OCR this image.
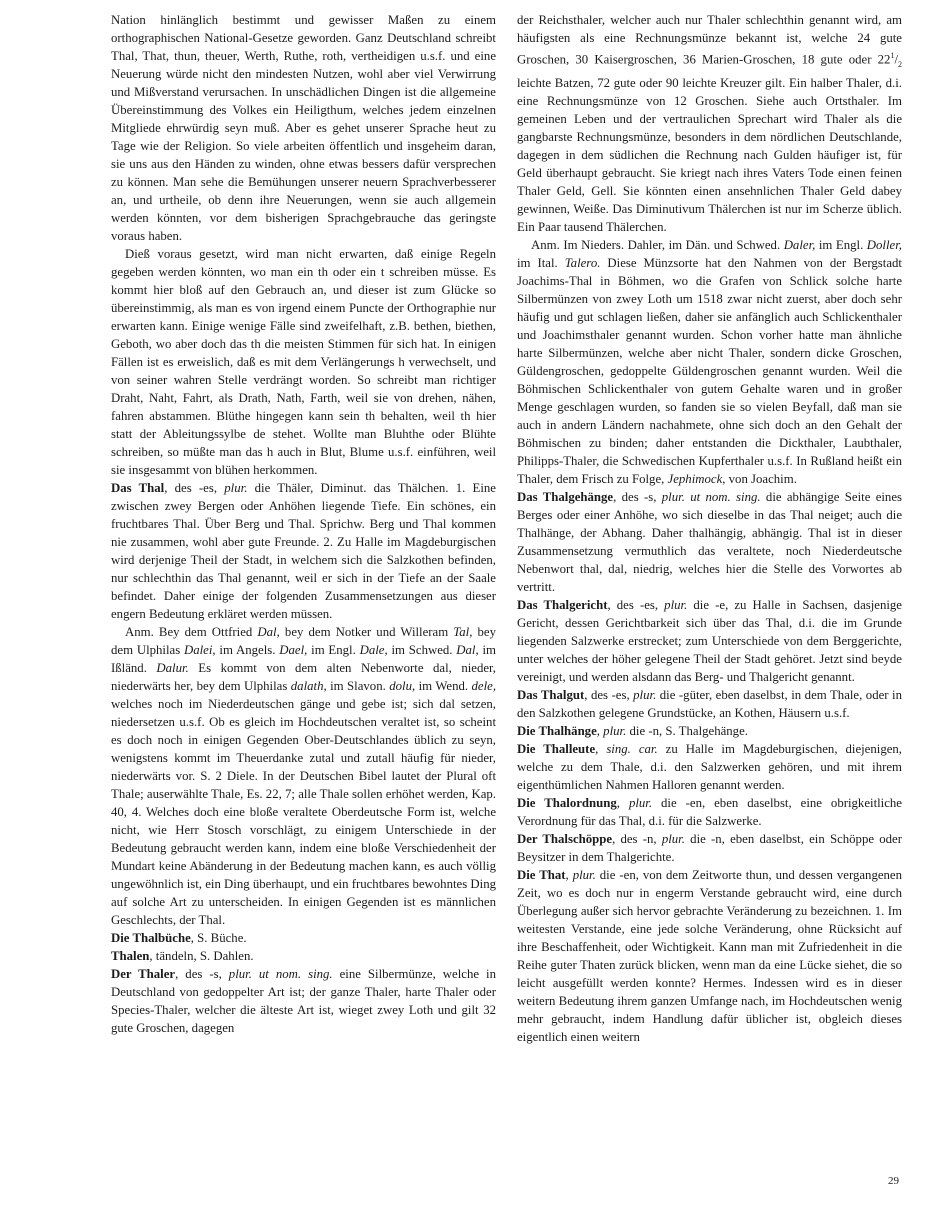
Nation hinlänglich bestimmt und gewisser Maßen zu einem orthographischen National-Gesetze geworden. Ganz Deutschland schreibt Thal, That, thun, theuer, Werth, Ruthe, roth, vertheidigen u.s.f. und eine Neuerung würde nicht den mindesten Nutzen, wohl aber viel Verwirrung und Mißverstand verursachen. In unschädlichen Dingen ist die allgemeine Übereinstimmung des Volkes ein Heiligthum, welches jedem einzelnen Mitgliede ehrwürdig seyn muß. Aber es gehet unserer Sprache heut zu Tage wie der Religion. So viele arbeiten öffentlich und insgeheim daran, sie uns aus den Händen zu winden, ohne etwas bessers dafür versprechen zu können. Man sehe die Bemühungen unserer neuern Sprachverbesserer an, und urtheile, ob denn ihre Neuerungen, wenn sie auch allgemein werden könnten, vor dem bisherigen Sprachgebrauche das geringste voraus haben.

Dieß voraus gesetzt, wird man nicht erwarten, daß einige Regeln gegeben werden könnten, wo man ein th oder ein t schreiben müsse. Es kommt hier bloß auf den Gebrauch an, und dieser ist zum Glücke so übereinstimmig, als man es von irgend einem Puncte der Orthographie nur erwarten kann. Einige wenige Fälle sind zweifelhaft, z.B. bethen, biethen, Geboth, wo aber doch das th die meisten Stimmen für sich hat. In einigen Fällen ist es erweislich, daß es mit dem Verlängerungs h verwechselt, und von seiner wahren Stelle verdrängt worden. So schreibt man richtiger Draht, Naht, Fahrt, als Drath, Nath, Farth, weil sie von drehen, nähen, fahren abstammen. Blüthe hingegen kann sein th behalten, weil th hier statt der Ableitungssylbe de stehet. Wollte man Bluhthe oder Blühte schreiben, so müßte man das h auch in Blut, Blume u.s.f. einführen, weil sie insgesammt von blühen herkommen.

Das Thal, des -es, plur. die Thäler, Diminut. das Thälchen. 1. Eine zwischen zwey Bergen oder Anhöhen liegende Tiefe. Ein schönes, ein fruchtbares Thal. Über Berg und Thal. Sprichw. Berg und Thal kommen nie zusammen, wohl aber gute Freunde. 2. Zu Halle im Magdeburgischen wird derjenige Theil der Stadt, in welchem sich die Salzkothen befinden, nur schlechthin das Thal genannt, weil er sich in der Tiefe an der Saale befindet. Daher einige der folgenden Zusammensetzungen aus dieser engern Bedeutung erkläret werden müssen.

Anm. Bey dem Ottfried Dal, bey dem Notker und Willeram Tal, bey dem Ulphilas Dalei, im Angels. Dael, im Engl. Dale, im Schwed. Dal, im Ißländ. Dalur. Es kommt von dem alten Nebenworte dal, nieder, niederwärts her, bey dem Ulphilas dalath, im Slavon. dolu, im Wend. dele, welches noch im Niederdeutschen gänge und gebe ist; sich dal setzen, niedersetzen u.s.f. Ob es gleich im Hochdeutschen veraltet ist, so scheint es doch noch in einigen Gegenden Ober-Deutschlandes üblich zu seyn, wenigstens kommt im Theuerdanke zutal und zutall häufig für nieder, niederwärts vor. S. 2 Diele. In der Deutschen Bibel lautet der Plural oft Thale; auserwählte Thale, Es. 22, 7; alle Thale sollen erhöhet werden, Kap. 40, 4. Welches doch eine bloße veraltete Oberdeutsche Form ist, welche nicht, wie Herr Stosch vorschlägt, zu einigem Unterschiede in der Bedeutung gebraucht werden kann, indem eine bloße Verschiedenheit der Mundart keine Abänderung in der Bedeutung machen kann, es auch völlig ungewöhnlich ist, ein Ding überhaupt, und ein fruchtbares bewohntes Ding auf solche Art zu unterscheiden. In einigen Gegenden ist es männlichen Geschlechts, der Thal.

Die Thalbüche, S. Büche.

Thalen, tändeln, S. Dahlen.

Der Thaler, des -s, plur. ut nom. sing. eine Silbermünze, welche in Deutschland von gedoppelter Art ist; der ganze Thaler, harte Thaler oder Species-Thaler, welcher die älteste Art ist, wieget zwey Loth und gilt 32 gute Groschen, dagegen

der Reichsthaler, welcher auch nur Thaler schlechthin genannt wird, am häufigsten als eine Rechnungsmünze bekannt ist, welche 24 gute Groschen, 30 Kaisergroschen, 36 Marien-Groschen, 18 gute oder $22^1/_2$ leichte Batzen, 72 gute oder 90 leichte Kreuzer gilt. Ein halber Thaler, d.i. eine Rechnungsmünze von 12 Groschen. Siehe auch Ortsthaler. Im gemeinen Leben und der vertraulichen Sprechart wird Thaler als die gangbarste Rechnungsmünze, besonders in dem nördlichen Deutschlande, dagegen in dem südlichen die Rechnung nach Gulden häufiger ist, für Geld überhaupt gebraucht. Sie kriegt nach ihres Vaters Tode einen feinen Thaler Geld, Gell. Sie könnten einen ansehnlichen Thaler Geld dabey gewinnen, Weiße. Das Diminutivum Thälerchen ist nur im Scherze üblich. Ein Paar tausend Thälerchen.

Anm. Im Nieders. Dahler, im Dän. und Schwed. Daler, im Engl. Doller, im Ital. Talero. Diese Münzsorte hat den Nahmen von der Bergstadt Joachims-Thal in Böhmen, wo die Grafen von Schlick solche harte Silbermünzen von zwey Loth um 1518 zwar nicht zuerst, aber doch sehr häufig und gut schlagen ließen, daher sie anfänglich auch Schlickenthaler und Joachimsthaler genannt wurden. Schon vorher hatte man ähnliche harte Silbermünzen, welche aber nicht Thaler, sondern dicke Groschen, Güldengroschen, gedoppelte Güldengroschen genannt wurden. Weil die Böhmischen Schlickenthaler von gutem Gehalte waren und in großer Menge geschlagen wurden, so fanden sie so vielen Beyfall, daß man sie auch in andern Ländern nachahmete, ohne sich doch an den Gehalt der Böhmischen zu binden; daher entstanden die Dickthaler, Laubthaler, Philipps-Thaler, die Schwedischen Kupferthaler u.s.f. In Rußland heißt ein Thaler, dem Frisch zu Folge, Jephimock, von Joachim.

Das Thalgehänge, des -s, plur. ut nom. sing. die abhängige Seite eines Berges oder einer Anhöhe, wo sich dieselbe in das Thal neiget; auch die Thalhänge, der Abhang. Daher thalhängig, abhängig. Thal ist in dieser Zusammensetzung vermuthlich das veraltete, noch Niederdeutsche Nebenwort thal, dal, niedrig, welches hier die Stelle des Vorwortes ab vertritt.

Das Thalgericht, des -es, plur. die -e, zu Halle in Sachsen, dasjenige Gericht, dessen Gerichtbarkeit sich über das Thal, d.i. die im Grunde liegenden Salzwerke erstrecket; zum Unterschiede von dem Berggerichte, unter welches der höher gelegene Theil der Stadt gehöret. Jetzt sind beyde vereinigt, und werden alsdann das Berg- und Thalgericht genannt.

Das Thalgut, des -es, plur. die -güter, eben daselbst, in dem Thale, oder in den Salzkothen gelegene Grundstücke, an Kothen, Häusern u.s.f.

Die Thalhänge, plur. die -n, S. Thalgehänge.

Die Thalleute, sing. car. zu Halle im Magdeburgischen, diejenigen, welche zu dem Thale, d.i. den Salzwerken gehören, und mit ihrem eigenthümlichen Nahmen Halloren genannt werden.

Die Thalordnung, plur. die -en, eben daselbst, eine obrigkeitliche Verordnung für das Thal, d.i. für die Salzwerke.

Der Thalschöppe, des -n, plur. die -n, eben daselbst, ein Schöppe oder Beysitzer in dem Thalgerichte.

Die That, plur. die -en, von dem Zeitworte thun, und dessen vergangenen Zeit, wo es doch nur in engerm Verstande gebraucht wird, eine durch Überlegung außer sich hervor gebrachte Veränderung zu bezeichnen. 1. Im weitesten Verstande, eine jede solche Veränderung, ohne Rücksicht auf ihre Beschaffenheit, oder Wichtigkeit. Kann man mit Zufriedenheit in die Reihe guter Thaten zurück blicken, wenn man da eine Lücke siehet, die so leicht ausgefüllt werden konnte? Hermes. Indessen wird es in dieser weitern Bedeutung ihrem ganzen Umfange nach, im Hochdeutschen wenig mehr gebraucht, indem Handlung dafür üblicher ist, obgleich dieses eigentlich einen weitern

29
